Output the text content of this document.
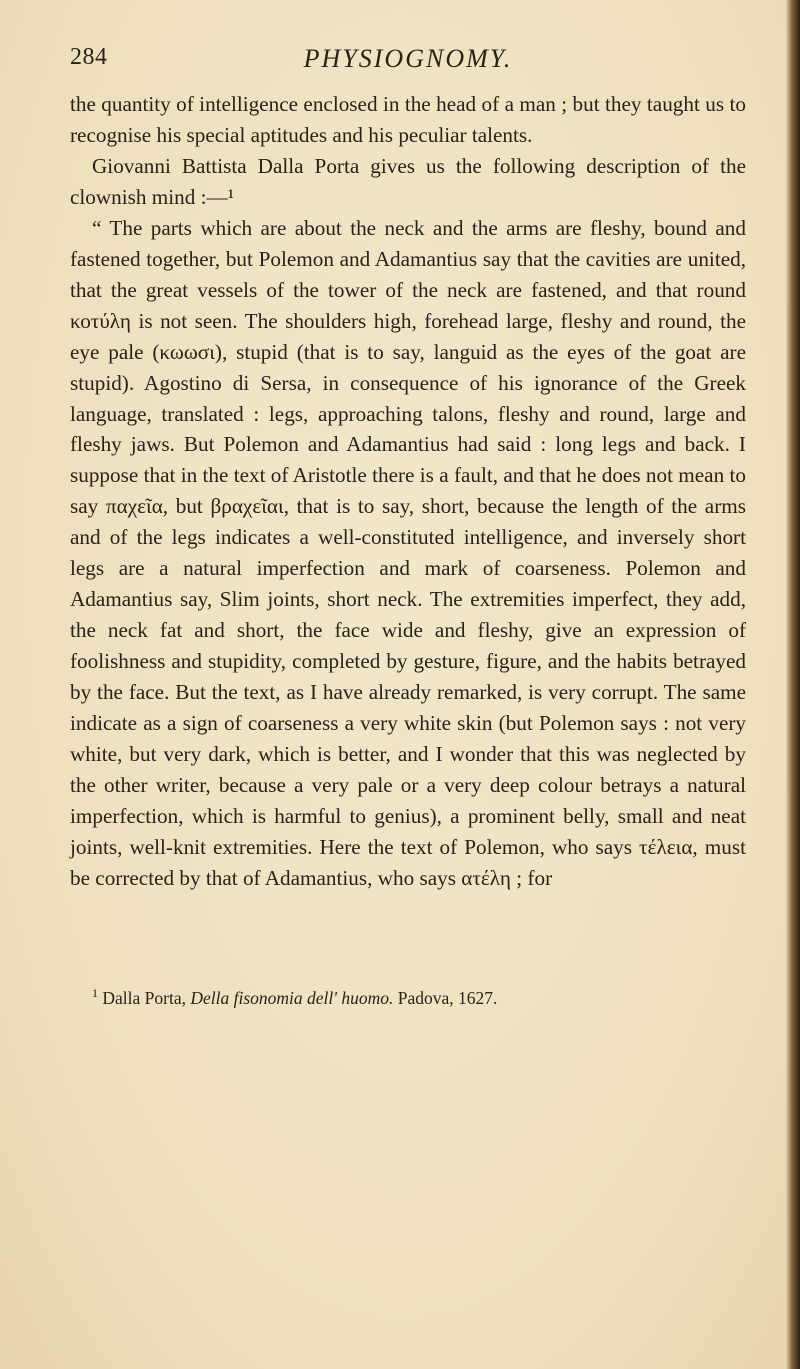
284	PHYSIOGNOMY.

the quantity of intelligence enclosed in the head of a man ; but they taught us to recognise his special aptitudes and his peculiar talents.

Giovanni Battista Dalla Porta gives us the following description of the clownish mind :—¹

“ The parts which are about the neck and the arms are fleshy, bound and fastened together, but Polemon and Adamantius say that the cavities are united, that the great vessels of the tower of the neck are fastened, and that round κοτύλη is not seen. The shoulders high, forehead large, fleshy and round, the eye pale (κωωσι), stupid (that is to say, languid as the eyes of the goat are stupid). Agostino di Sersa, in consequence of his ignorance of the Greek language, translated : legs, approaching talons, fleshy and round, large and fleshy jaws. But Polemon and Adamantius had said : long legs and back. I suppose that in the text of Aristotle there is a fault, and that he does not mean to say παχεῖα, but βραχεῖαι, that is to say, short, because the length of the arms and of the legs indicates a well-constituted intelligence, and inversely short legs are a natural imperfection and mark of coarseness. Polemon and Adamantius say, Slim joints, short neck. The extremities imperfect, they add, the neck fat and short, the face wide and fleshy, give an expression of foolishness and stupidity, completed by gesture, figure, and the habits betrayed by the face. But the text, as I have already remarked, is very corrupt. The same indicate as a sign of coarseness a very white skin (but Polemon says : not very white, but very dark, which is better, and I wonder that this was neglected by the other writer, because a very pale or a very deep colour betrays a natural imperfection, which is harmful to genius), a prominent belly, small and neat joints, well-knit extremities. Here the text of Polemon, who says τέλεια, must be corrected by that of Adamantius, who says ατέλη ; for

$^1$ Dalla Porta, Della fisonomia dell' huomo. Padova, 1627.
